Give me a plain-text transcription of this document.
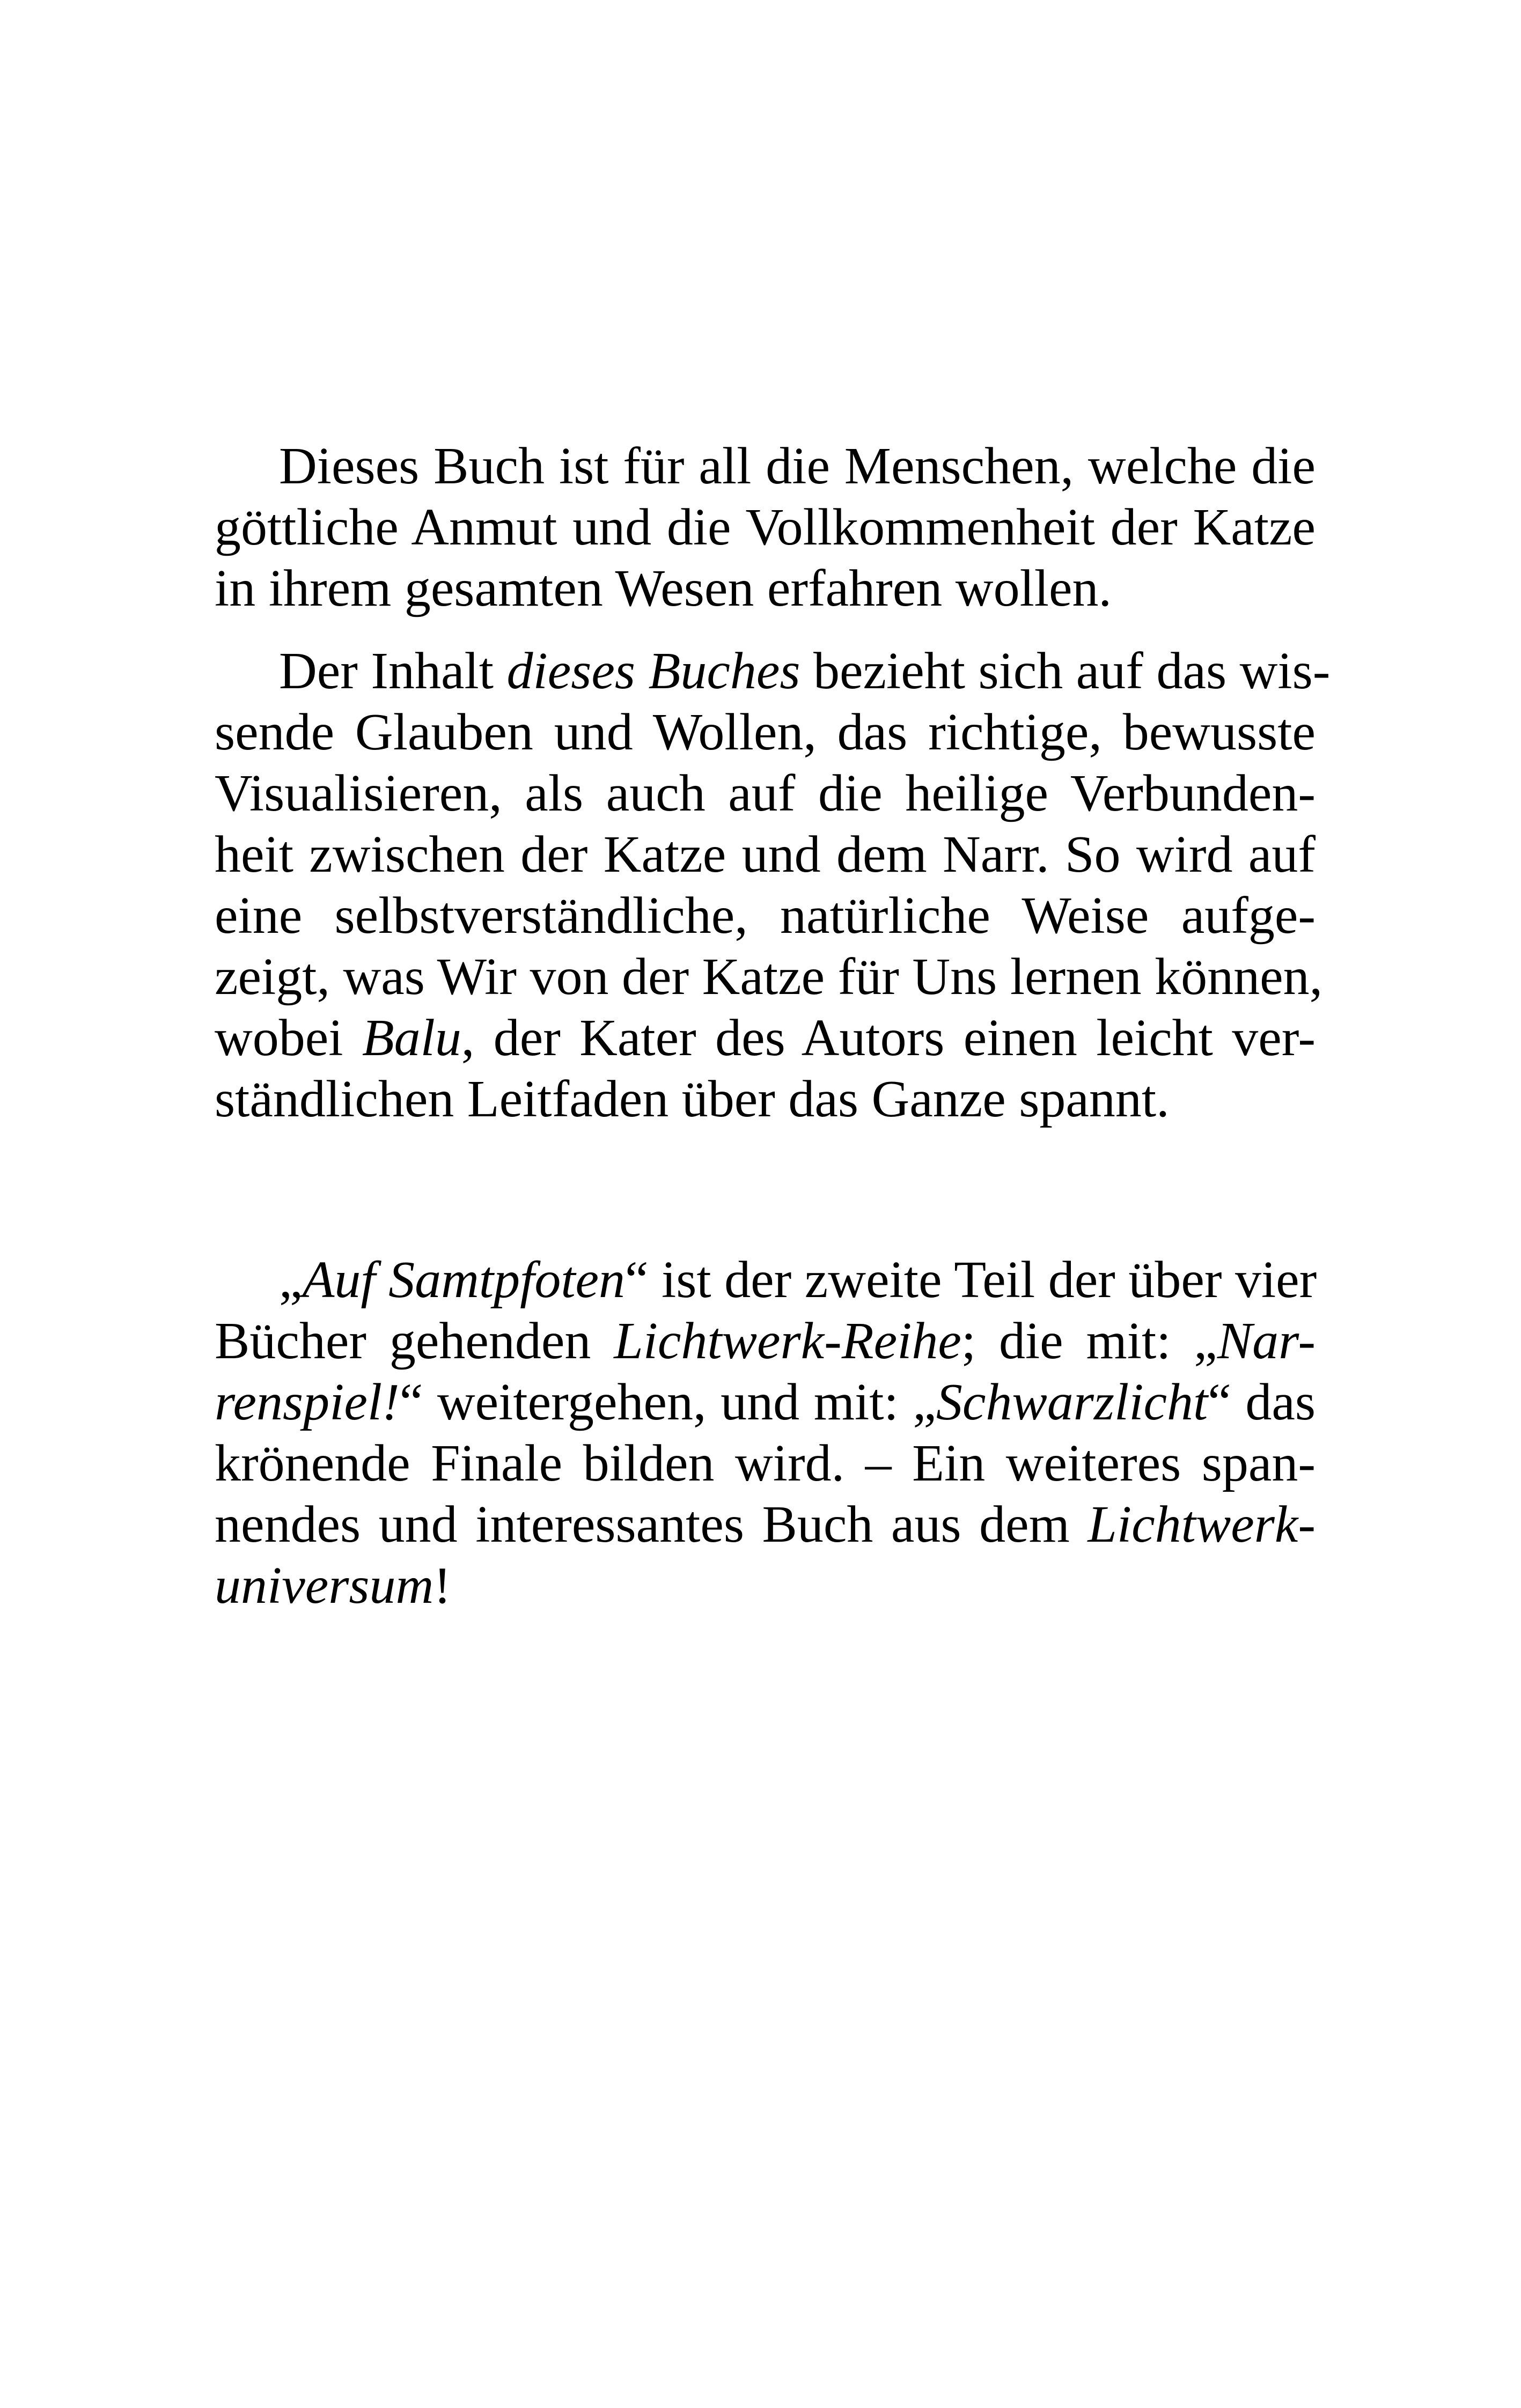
Dieses Buch ist für all die Menschen, welche die
göttliche Anmut und die Vollkommenheit der Katze
in ihrem gesamten Wesen erfahren wollen.

Der Inhalt dieses Buches bezieht sich auf das wis-
sende Glauben und Wollen, das richtige, bewusste
Visualisieren, als auch auf die heilige Verbunden-
heit zwischen der Katze und dem Narr. So wird auf
eine selbstverständliche, natürliche Weise aufge-
zeigt, was Wir von der Katze für Uns lernen können,
wobei Balu, der Kater des Autors einen leicht ver-
ständlichen Leitfaden über das Ganze spannt.

„Auf Samtpfoten“ ist der zweite Teil der über vier
Bücher gehenden Lichtwerk-Reihe; die mit: „Nar-
renspiel!“ weitergehen, und mit: „Schwarzlicht“ das
krönende Finale bilden wird. – Ein weiteres span-
nendes und interessantes Buch aus dem Lichtwerk-
universum!
